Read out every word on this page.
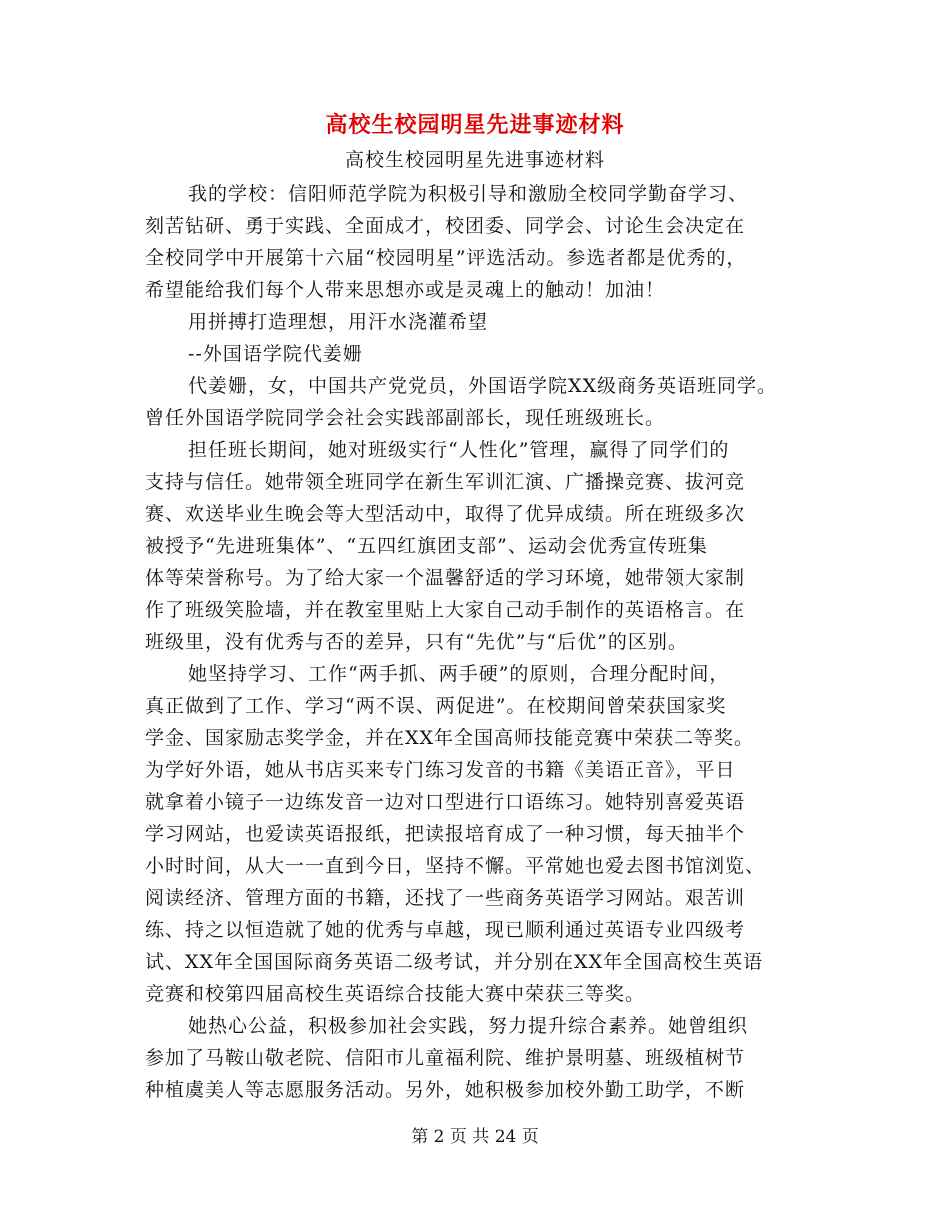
高校生校园明星先进事迹材料
高校生校园明星先进事迹材料
我的学校：信阳师范学院为积极引导和激励全校同学勤奋学习、
刻苦钻研、勇于实践、全面成才，校团委、同学会、讨论生会决定在
全校同学中开展第十六届“校园明星”评选活动。参选者都是优秀的，
希望能给我们每个人带来思想亦或是灵魂上的触动！加油！
用拼搏打造理想，用汗水浇灌希望
--外国语学院代姜姗
代姜姗，女，中国共产党党员，外国语学院XX级商务英语班同学。
曾任外国语学院同学会社会实践部副部长，现任班级班长。
担任班长期间，她对班级实行“人性化”管理，赢得了同学们的
支持与信任。她带领全班同学在新生军训汇演、广播操竞赛、拔河竞
赛、欢送毕业生晚会等大型活动中，取得了优异成绩。所在班级多次
被授予“先进班集体”、“五四红旗团支部”、运动会优秀宣传班集
体等荣誉称号。为了给大家一个温馨舒适的学习环境，她带领大家制
作了班级笑脸墙，并在教室里贴上大家自己动手制作的英语格言。在
班级里，没有优秀与否的差异，只有“先优”与“后优”的区别。
她坚持学习、工作“两手抓、两手硬”的原则，合理分配时间，
真正做到了工作、学习“两不误、两促进”。在校期间曾荣获国家奖
学金、国家励志奖学金，并在XX年全国高师技能竞赛中荣获二等奖。
为学好外语，她从书店买来专门练习发音的书籍《美语正音》，平日
就拿着小镜子一边练发音一边对口型进行口语练习。她特别喜爱英语
学习网站，也爱读英语报纸，把读报培育成了一种习惯，每天抽半个
小时时间，从大一一直到今日，坚持不懈。平常她也爱去图书馆浏览、
阅读经济、管理方面的书籍，还找了一些商务英语学习网站。艰苦训
练、持之以恒造就了她的优秀与卓越，现已顺利通过英语专业四级考
试、XX年全国国际商务英语二级考试，并分别在XX年全国高校生英语
竞赛和校第四届高校生英语综合技能大赛中荣获三等奖。
她热心公益，积极参加社会实践，努力提升综合素养。她曾组织
参加了马鞍山敬老院、信阳市儿童福利院、维护景明墓、班级植树节
种植虞美人等志愿服务活动。另外，她积极参加校外勤工助学，不断
第 2 页 共 24 页
